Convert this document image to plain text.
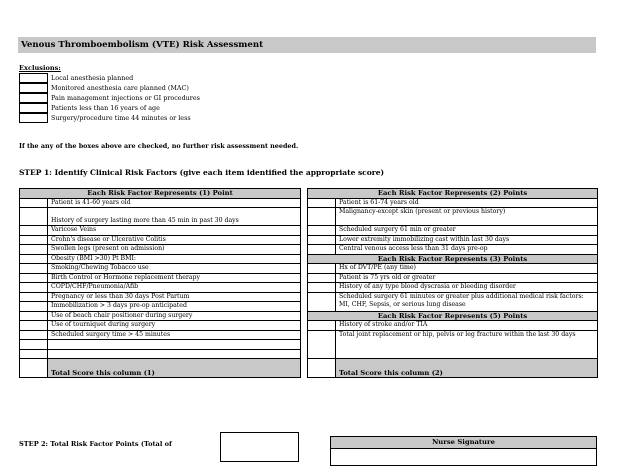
Venous Thromboembolism (VTE) Risk Assessment
Exclusions:
Local anesthesia planned
Monitored anesthesia care planned (MAC)
Pain management injections or GI procedures
Patients less than 16 years of age
Surgery/procedure time 44 minutes or less
If the any of the boxes above are checked, no further risk assessment needed.
STEP 1: Identify Clinical Risk Factors (give each item identified the appropriate score)
Each Risk Factor Represents (1) Point			Each Risk Factor Represents (2) Points	
	Patient is 41-60 years old			Patient is 61-74 years old
				Malignancy-except skin (present or previous history)
	History of surgery lasting more than 45 min in past 30 days			
	Varicose Veins			Scheduled surgery 61 min or greater
	Crohn's disease or Ulcerative Colitis			Lower extremity immobilizing cast within last 30 days
	Swollen legs (present on admission)			Central venous access less than 31 days pre-op
	Obesity (BMI >30) Pt BMI:		Each Risk Factor Represents (3) Points	
	Smoking/Chewing Tobacco use			Hx of DVT/PE (any time)
	Birth Control or Hormone replacement therapy			Patient is 75 yrs old or greater
	COPD/CHF/Pneumonia/Afib			History of any type blood dyscrasia or bleeding disorder
	Pregnancy or less than 30 days Post Partum			Scheduled surgery 61 minutes or greater plus additional medical risk factors: MI, CHF, Sepsis, or serious lung disease
	Immobilization > 3 days pre-op anticipated			
	Use of beach chair positioner during surgery		Each Risk Factor Represents (5) Points	
	Use of tourniquet during surgery			History of stroke and/or TIA
	Scheduled surgery time > 45 minutes			Total joint replacement or hip, pelvis or leg fracture within the last 30 days

	Total Score this column (1)			Total Score this column (2)
STEP 2: Total Risk Factor Points (Total of	Nurse Signature
